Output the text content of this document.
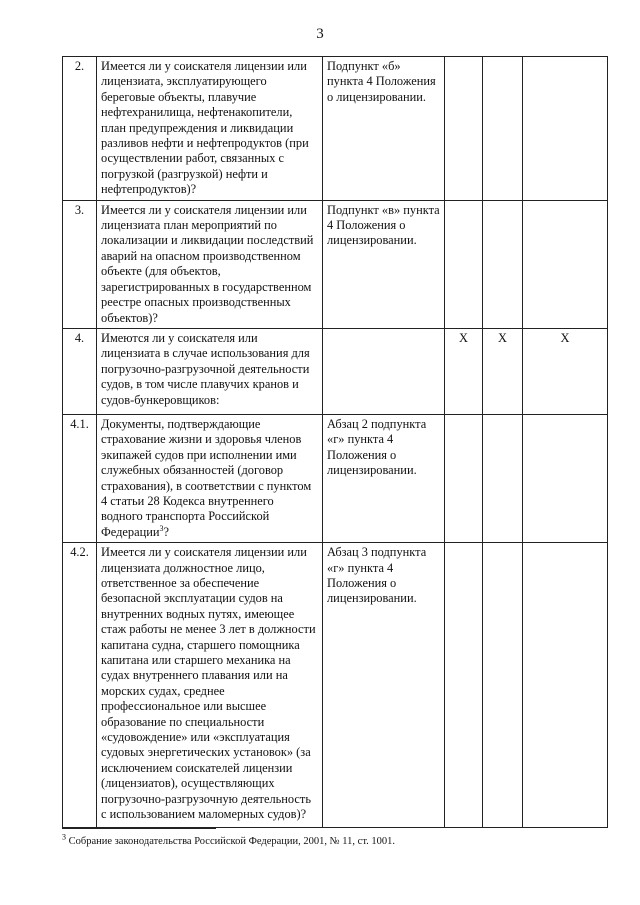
3
2.	Имеется ли у соискателя лицензии или лицензиата, эксплуатирующего береговые объекты, плавучие нефтехранилища, нефтенакопители, план предупреждения и ликвидации разливов нефти и нефтепродуктов (при осуществлении работ, связанных с погрузкой (разгрузкой) нефти и нефтепродуктов)?	Подпункт «б» пункта 4 Положения о лицензировании.			
3.	Имеется ли у соискателя лицензии или лицензиата план мероприятий по локализации и ликвидации последствий аварий на опасном производственном объекте (для объектов, зарегистрированных в государственном реестре опасных производственных объектов)?	Подпункт «в» пункта 4 Положения о лицензировании.			
4.	Имеются ли у соискателя или лицензиата в случае использования для погрузочно-разгрузочной деятельности судов, в том числе плавучих кранов и судов-бункеровщиков:		X	X	X
4.1.	Документы, подтверждающие страхование жизни и здоровья членов экипажей судов при исполнении ими служебных обязанностей (договор страхования), в соответствии с пунктом 4 статьи 28 Кодекса внутреннего водного транспорта Российской Федерации$^3$?	Абзац 2 подпункта «г» пункта 4 Положения о лицензировании.			
4.2.	Имеется ли у соискателя лицензии или лицензиата должностное лицо, ответственное за обеспечение безопасной эксплуатации судов на внутренних водных путях, имеющее стаж работы не менее 3 лет в должности капитана судна, старшего помощника капитана или старшего механика на судах внутреннего плавания или на морских судах, среднее профессиональное или высшее образование по специальности «судовождение» или «эксплуатация судовых энергетических установок» (за исключением соискателей лицензии (лицензиатов), осуществляющих погрузочно-разгрузочную деятельность с использованием маломерных судов)?	Абзац 3 подпункта «г» пункта 4 Положения о лицензировании.			
$^3$ Собрание законодательства Российской Федерации, 2001, № 11, ст. 1001.
